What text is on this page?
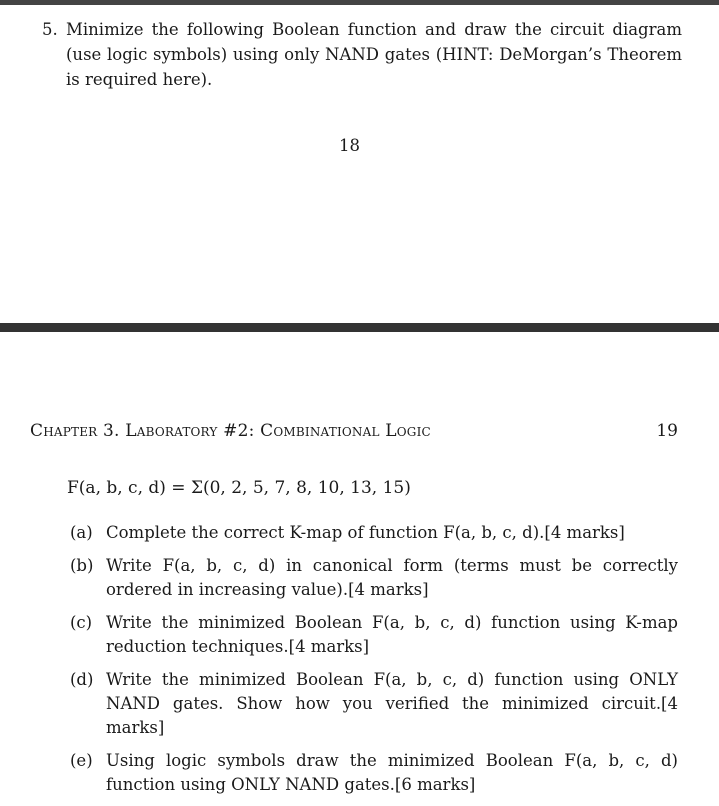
5. Minimize the following Boolean function and draw the circuit diagram (use logic symbols) using only NAND gates (HINT: DeMorgan’s Theorem is required here).
18
Chapter 3. Laboratory #2: Combinational Logic	19
F(a, b, c, d) = Σ(0, 2, 5, 7, 8, 10, 13, 15)
(a) Complete the correct K-map of function F(a, b, c, d).[4 marks]
(b) Write F(a, b, c, d) in canonical form (terms must be correctly ordered in increasing value).[4 marks]
(c) Write the minimized Boolean F(a, b, c, d) function using K-map reduction techniques.[4 marks]
(d) Write the minimized Boolean F(a, b, c, d) function using ONLY NAND gates. Show how you verified the minimized circuit.[4 marks]
(e) Using logic symbols draw the minimized Boolean F(a, b, c, d) function using ONLY NAND gates.[6 marks]
